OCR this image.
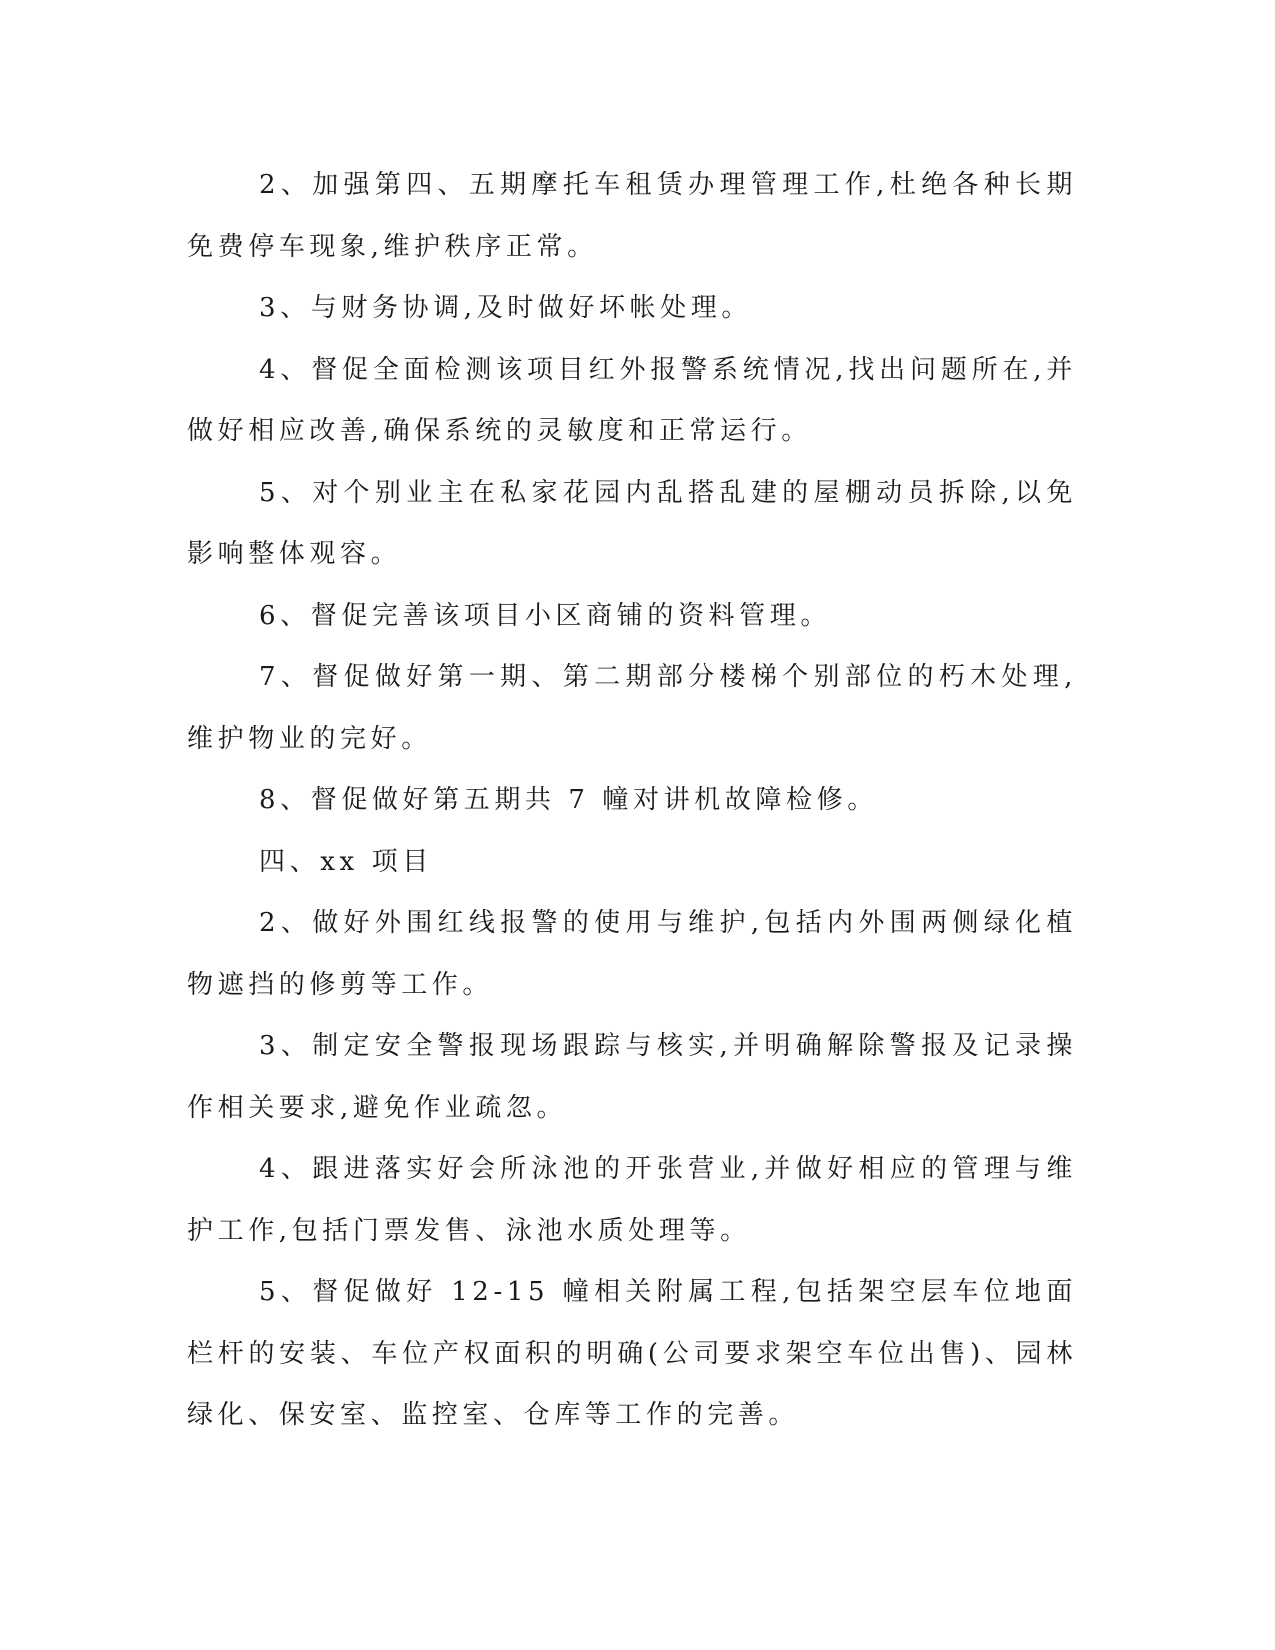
2、加强第四、五期摩托车租赁办理管理工作,杜绝各种长期免费停车现象,维护秩序正常。

3、与财务协调,及时做好坏帐处理。

4、督促全面检测该项目红外报警系统情况,找出问题所在,并做好相应改善,确保系统的灵敏度和正常运行。

5、对个别业主在私家花园内乱搭乱建的屋棚动员拆除,以免影响整体观容。

6、督促完善该项目小区商铺的资料管理。

7、督促做好第一期、第二期部分楼梯个别部位的朽木处理,维护物业的完好。

8、督促做好第五期共 7 幢对讲机故障检修。

四、xx 项目

2、做好外围红线报警的使用与维护,包括内外围两侧绿化植物遮挡的修剪等工作。

3、制定安全警报现场跟踪与核实,并明确解除警报及记录操作相关要求,避免作业疏忽。

4、跟进落实好会所泳池的开张营业,并做好相应的管理与维护工作,包括门票发售、泳池水质处理等。

5、督促做好 12-15 幢相关附属工程,包括架空层车位地面栏杆的安装、车位产权面积的明确(公司要求架空车位出售)、园林绿化、保安室、监控室、仓库等工作的完善。
